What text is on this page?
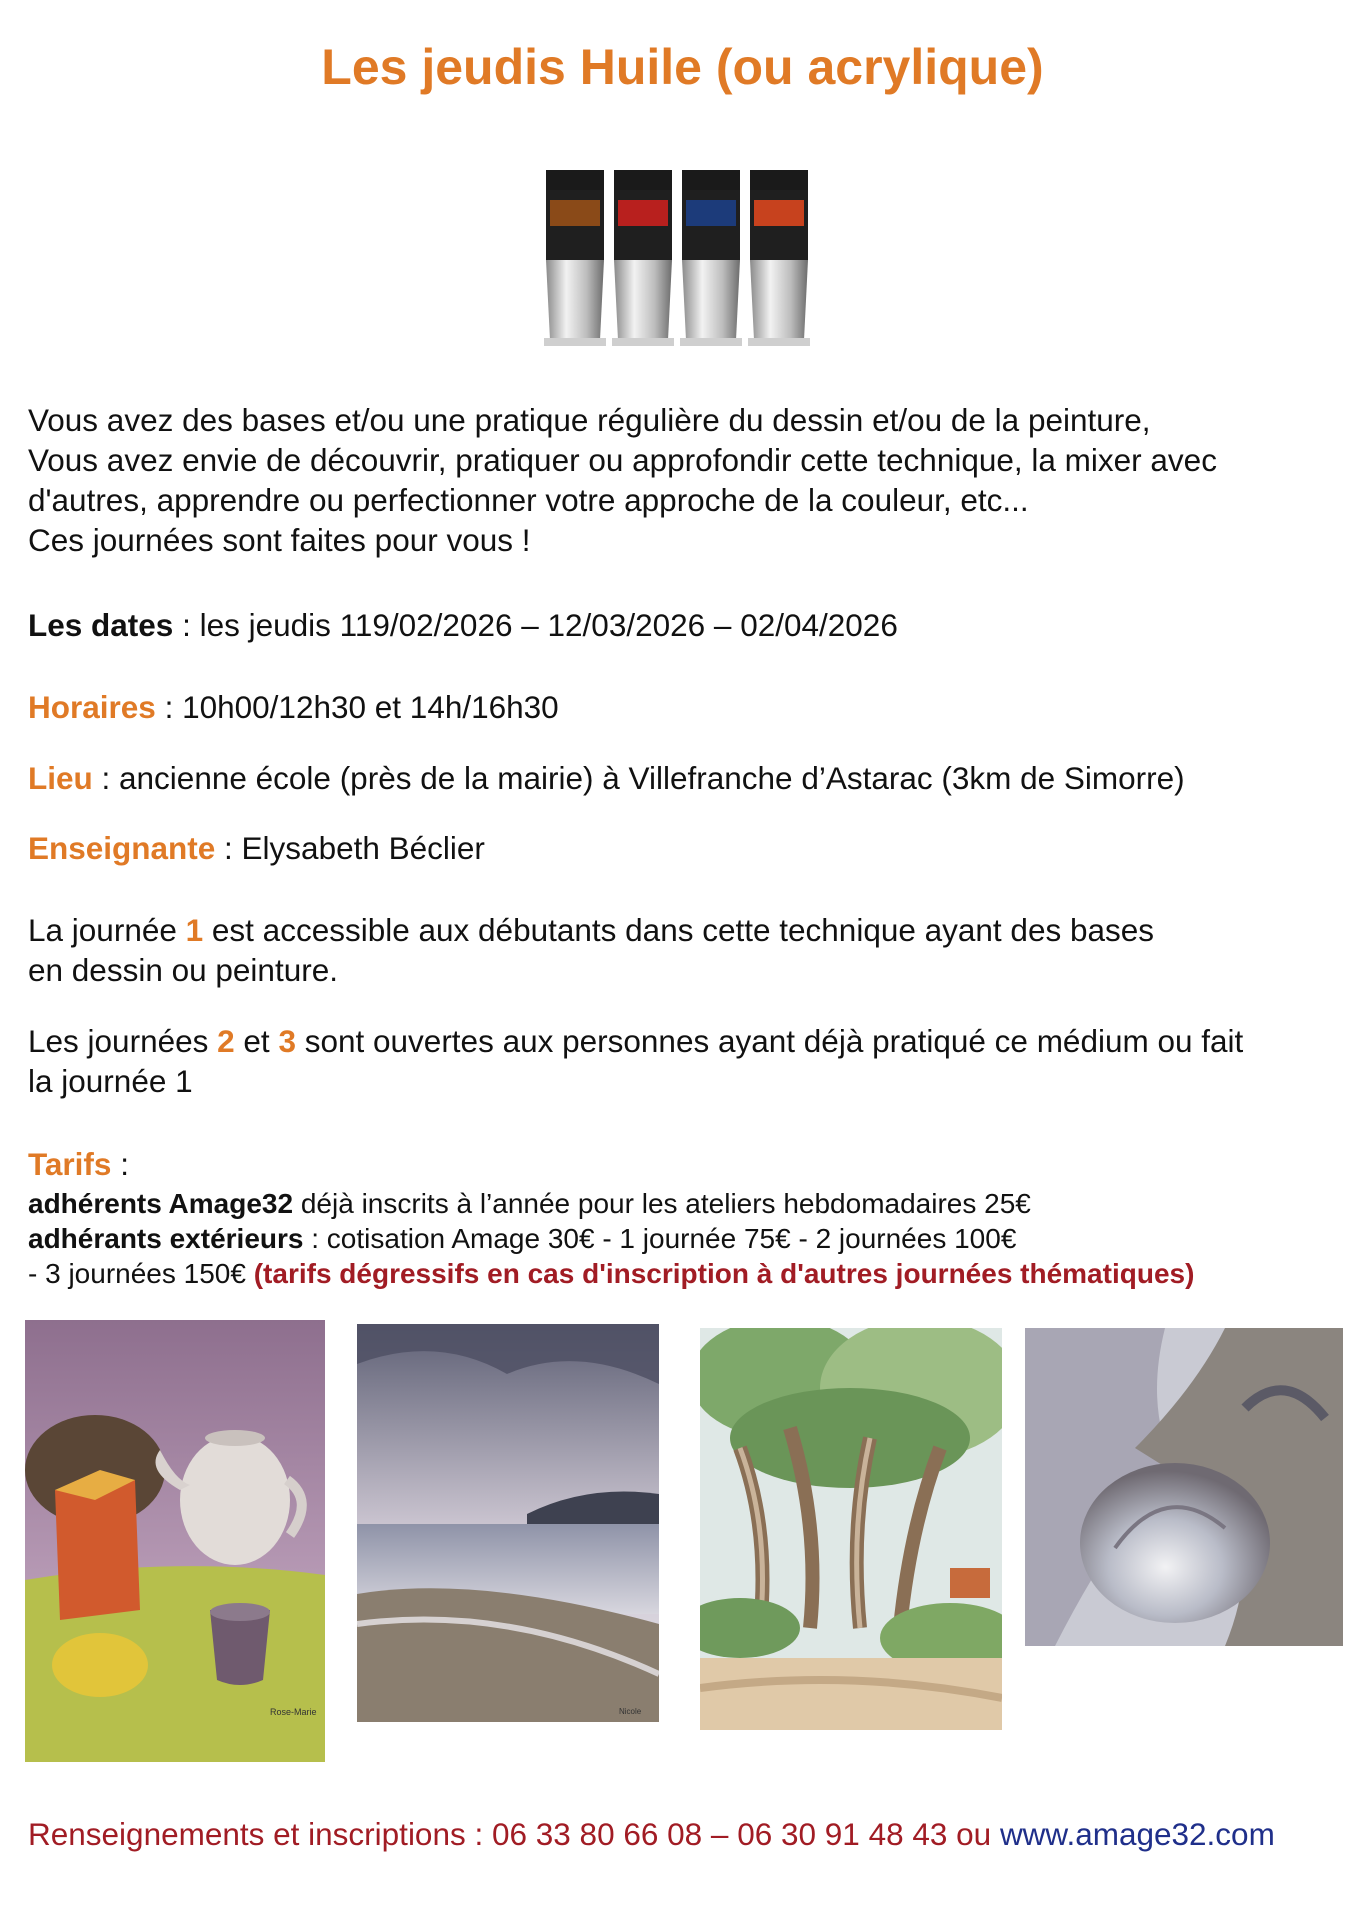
Les jeudis Huile (ou acrylique)

Vous avez des bases et/ou une pratique régulière du dessin et/ou de la peinture,

Vous avez envie de découvrir, pratiquer ou approfondir cette technique, la mixer avec

d'autres, apprendre ou perfectionner votre approche de la couleur, etc...

Ces journées sont faites pour vous !

Les dates : les jeudis 119/02/2026 – 12/03/2026 – 02/04/2026
Horaires : 10h00/12h30 et 14h/16h30
Lieu : ancienne école (près de la mairie) à Villefranche d’Astarac (3km de Simorre)
Enseignante : Elysabeth Béclier

La journée 1 est accessible aux débutants dans cette technique ayant des bases

en dessin ou peinture.

Les journées 2 et 3 sont ouvertes aux personnes ayant déjà pratiqué ce médium ou fait

la journée 1

Tarifs :

adhérents Amage32 déjà inscrits à l’année pour les ateliers hebdomadaires 25€

adhérants extérieurs : cotisation Amage 30€ - 1 journée 75€ - 2 journées 100€

- 3 journées 150€ (tarifs dégressifs en cas d'inscription à d'autres journées thématiques)

Rose-Marie	Nicole
Renseignements et inscriptions : 06 33 80 66 08 – 06 30 91 48 43 ou www.amage32.com
